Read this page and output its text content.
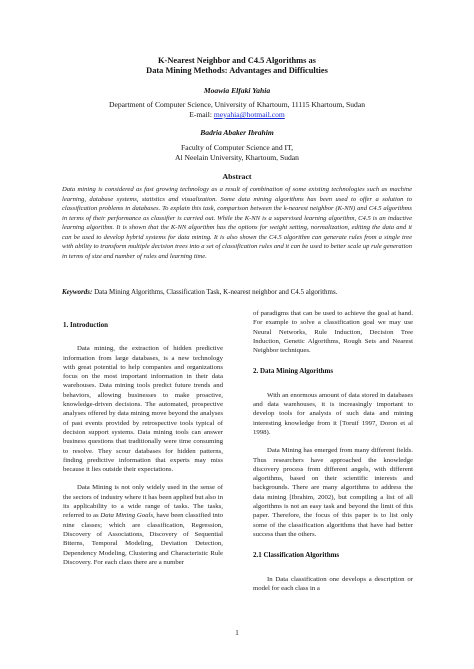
K-Nearest Neighbor and C4.5 Algorithms as
Data Mining Methods: Advantages and Difficulties
Moawia Elfaki Yahia
Department of Computer Science, University of Khartoum, 11115 Khartoum, Sudan
E-mail: meyahia@hotmail.com
Badria Abaker Ibrahim
Faculty of Computer Science and IT,
Al Neelain University, Khartoum, Sudan
Abstract
Data mining is considered as fast growing technology as a result of combination of some existing technologies such as machine learning, database systems, statistics and visualization. Some data mining algorithms has been used to offer a solution to classification problems in databases. To explain this task, comparison between the k-nearest neighbor (K-NN) and C4.5 algorithms in terms of their performance as classifier is carried out. While the K-NN is a supervised learning algorithm, C4.5 is an inductive learning algorithm. It is shown that the K-NN algorithm has the options for weight setting, normalization, editing the data and it can be used to develop hybrid systems for data mining. It is also shown the C4.5 algorithm can generate rules from a single tree with ability to transform multiple decision trees into a set of classification rules and it can be used to better scale up rule generation in terms of size and number of rules and learning time.
Keywords: Data Mining Algorithms, Classification Task, K-nearest neighbor and C4.5 algorithms.

1. Introduction

Data mining, the extraction of hidden predictive information from large databases, is a new technology with great potential to help companies and organizations focus on the most important information in their data warehouses. Data mining tools predict future trends and behaviors, allowing businesses to make proactive, knowledge-driven decisions. The automated, prospective analyses offered by data mining move beyond the analyses of past events provided by retrospective tools typical of decision support systems. Data mining tools can answer business questions that traditionally were time consuming to resolve. They scour databases for hidden patterns, finding predictive information that experts may miss because it lies outside their expectations.

Data Mining is not only widely used in the sense of the sectors of industry where it has been applied but also in its applicability to a wide range of tasks. The tasks, referred to as Data Mining Goals, have been classified into nine classes; which are classification, Regression, Discovery of Associations, Discovery of Sequential Btterns, Temporal Modeling, Deviation Detection, Dependency Modeling, Clustering and Characteristic Rule Discovery. For each class there are a number

of paradigms that can be used to achieve the goal at hand. For example to solve a classification goal we may use Neural Networks, Rule Induction, Decision Tree Induction, Genetic Algorithms, Rough Sets and Nearest Neighbor techniques.

2. Data Mining Algorithms

With an enormous amount of data stored in databases and data warehouses, it is increasingly important to develop tools for analysis of such data and mining interesting knowledge from it [Toruif 1997, Doron et al 1998).

Data Mining has emerged from many different fields. Thus researchers have approached the knowledge discovery process from different angels, with different algorithms, based on their scientific interests and backgrounds. There are many algorithms to address the data mining [Ibrahim, 2002), but compiling a list of all algorithms is not an easy task and beyond the limit of this paper. Therefore, the focus of this paper is to list only some of the classification algorithms that have had better success than the others.

2.1 Classification Algorithms

In Data classification one develops a description or model for each class in a

1
